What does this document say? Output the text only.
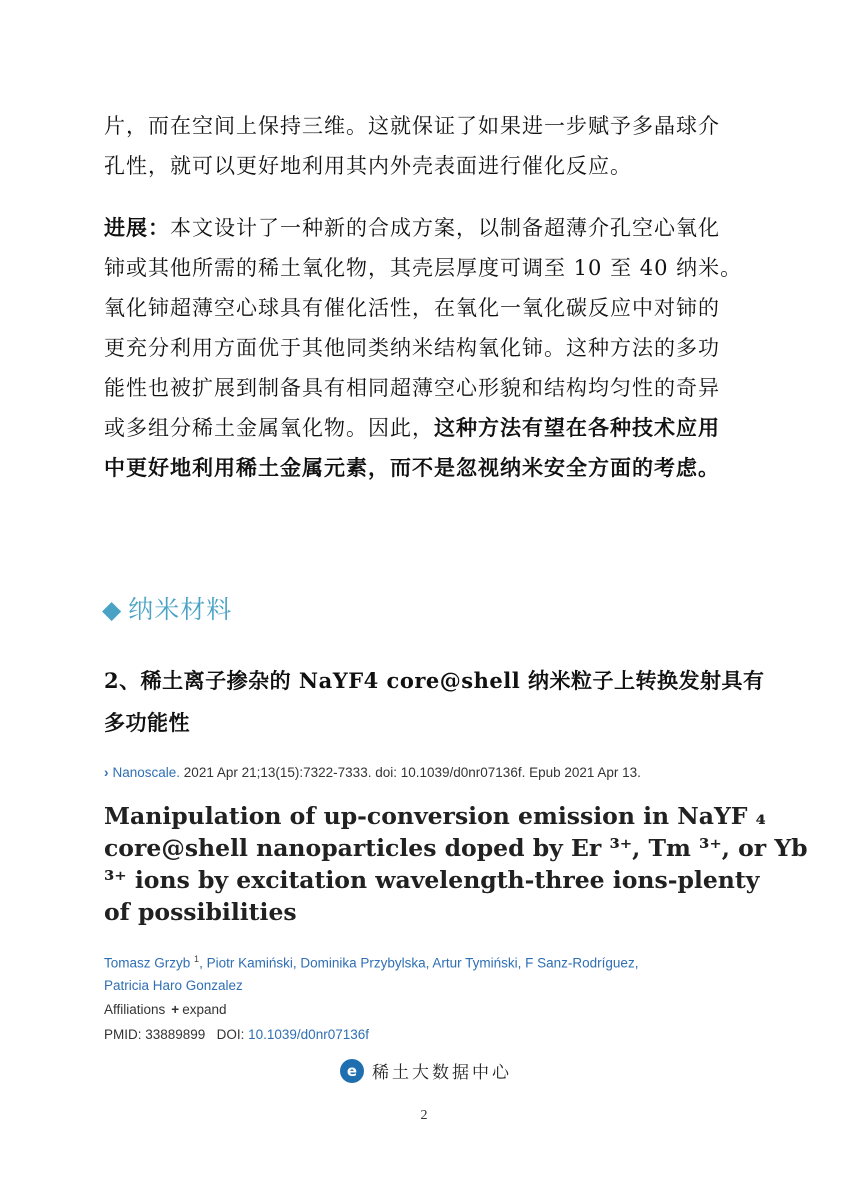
片，而在空间上保持三维。这就保证了如果进一步赋予多晶球介
孔性，就可以更好地利用其内外壳表面进行催化反应。
进展：本文设计了一种新的合成方案，以制备超薄介孔空心氧化
铈或其他所需的稀土氧化物，其壳层厚度可调至 10 至 40 纳米。
氧化铈超薄空心球具有催化活性，在氧化一氧化碳反应中对铈的
更充分利用方面优于其他同类纳米结构氧化铈。这种方法的多功
能性也被扩展到制备具有相同超薄空心形貌和结构均匀性的奇异
或多组分稀土金属氧化物。因此，这种方法有望在各种技术应用
中更好地利用稀土金属元素，而不是忽视纳米安全方面的考虑。
◆ 纳米材料
2、稀土离子掺杂的 NaYF4 core@shell 纳米粒子上转换发射具有
多功能性
› Nanoscale. 2021 Apr 21;13(15):7322-7333. doi: 10.1039/d0nr07136f. Epub 2021 Apr 13.
Manipulation of up-conversion emission in NaYF ₄
core@shell nanoparticles doped by Er ³⁺, Tm ³⁺, or Yb
³⁺ ions by excitation wavelength-three ions-plenty
of possibilities
Tomasz Grzyb $^1$, Piotr Kamiński, Dominika Przybylska, Artur Tymiński, F Sanz-Rodríguez,
Patricia Haro Gonzalez
Affiliations + expand
PMID: 33889899 DOI: 10.1039/d0nr07136f
e 稀土大数据中心
2
